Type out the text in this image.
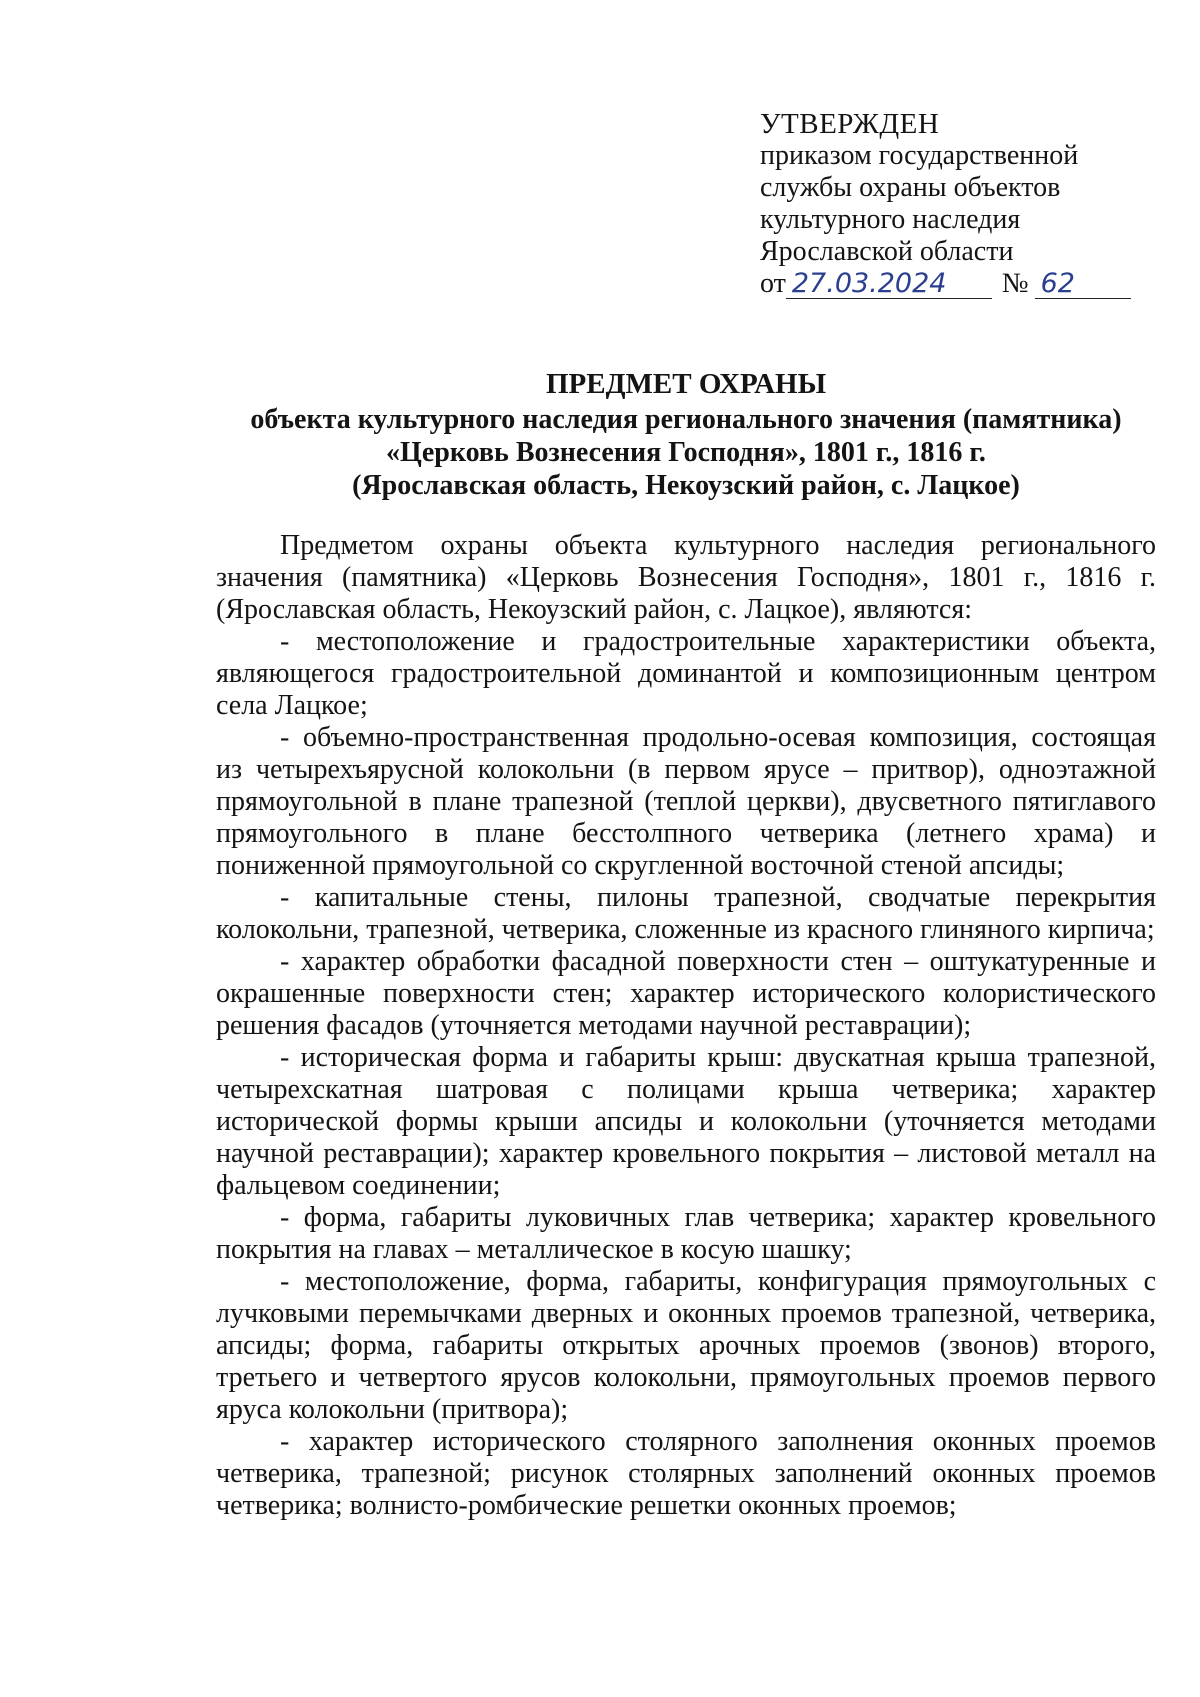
УТВЕРЖДЕН
приказом государственной
службы охраны объектов
культурного наследия
Ярославской области
от 27.03.2024 № 62
ПРЕДМЕТ ОХРАНЫ
объекта культурного наследия регионального значения (памятника)
«Церковь Вознесения Господня», 1801 г., 1816 г.
(Ярославская область, Некоузский район, с. Лацкое)

Предметом охраны объекта культурного наследия регионального значения (памятника) «Церковь Вознесения Господня», 1801 г., 1816 г. (Ярославская область, Некоузский район, с. Лацкое), являются:

- местоположение и градостроительные характеристики объекта, являющегося градостроительной доминантой и композиционным центром села Лацкое;

- объемно-пространственная продольно-осевая композиция, состоящая из четырехъярусной колокольни (в первом ярусе – притвор), одноэтажной прямоугольной в плане трапезной (теплой церкви), двусветного пятиглавого прямоугольного в плане бесстолпного четверика (летнего храма) и пониженной прямоугольной со скругленной восточной стеной апсиды;

- капитальные стены, пилоны трапезной, сводчатые перекрытия колокольни, трапезной, четверика, сложенные из красного глиняного кирпича;

- характер обработки фасадной поверхности стен – оштукатуренные и окрашенные поверхности стен; характер исторического колористического решения фасадов (уточняется методами научной реставрации);

- историческая форма и габариты крыш: двускатная крыша трапезной, четырехскатная шатровая с полицами крыша четверика; характер исторической формы крыши апсиды и колокольни (уточняется методами научной реставрации); характер кровельного покрытия – листовой металл на фальцевом соединении;

- форма, габариты луковичных глав четверика; характер кровельного покрытия на главах – металлическое в косую шашку;

- местоположение, форма, габариты, конфигурация прямоугольных с лучковыми перемычками дверных и оконных проемов трапезной, четверика, апсиды; форма, габариты открытых арочных проемов (звонов) второго, третьего и четвертого ярусов колокольни, прямоугольных проемов первого яруса колокольни (притвора);

- характер исторического столярного заполнения оконных проемов четверика, трапезной; рисунок столярных заполнений оконных проемов четверика; волнисто-ромбические решетки оконных проемов;
